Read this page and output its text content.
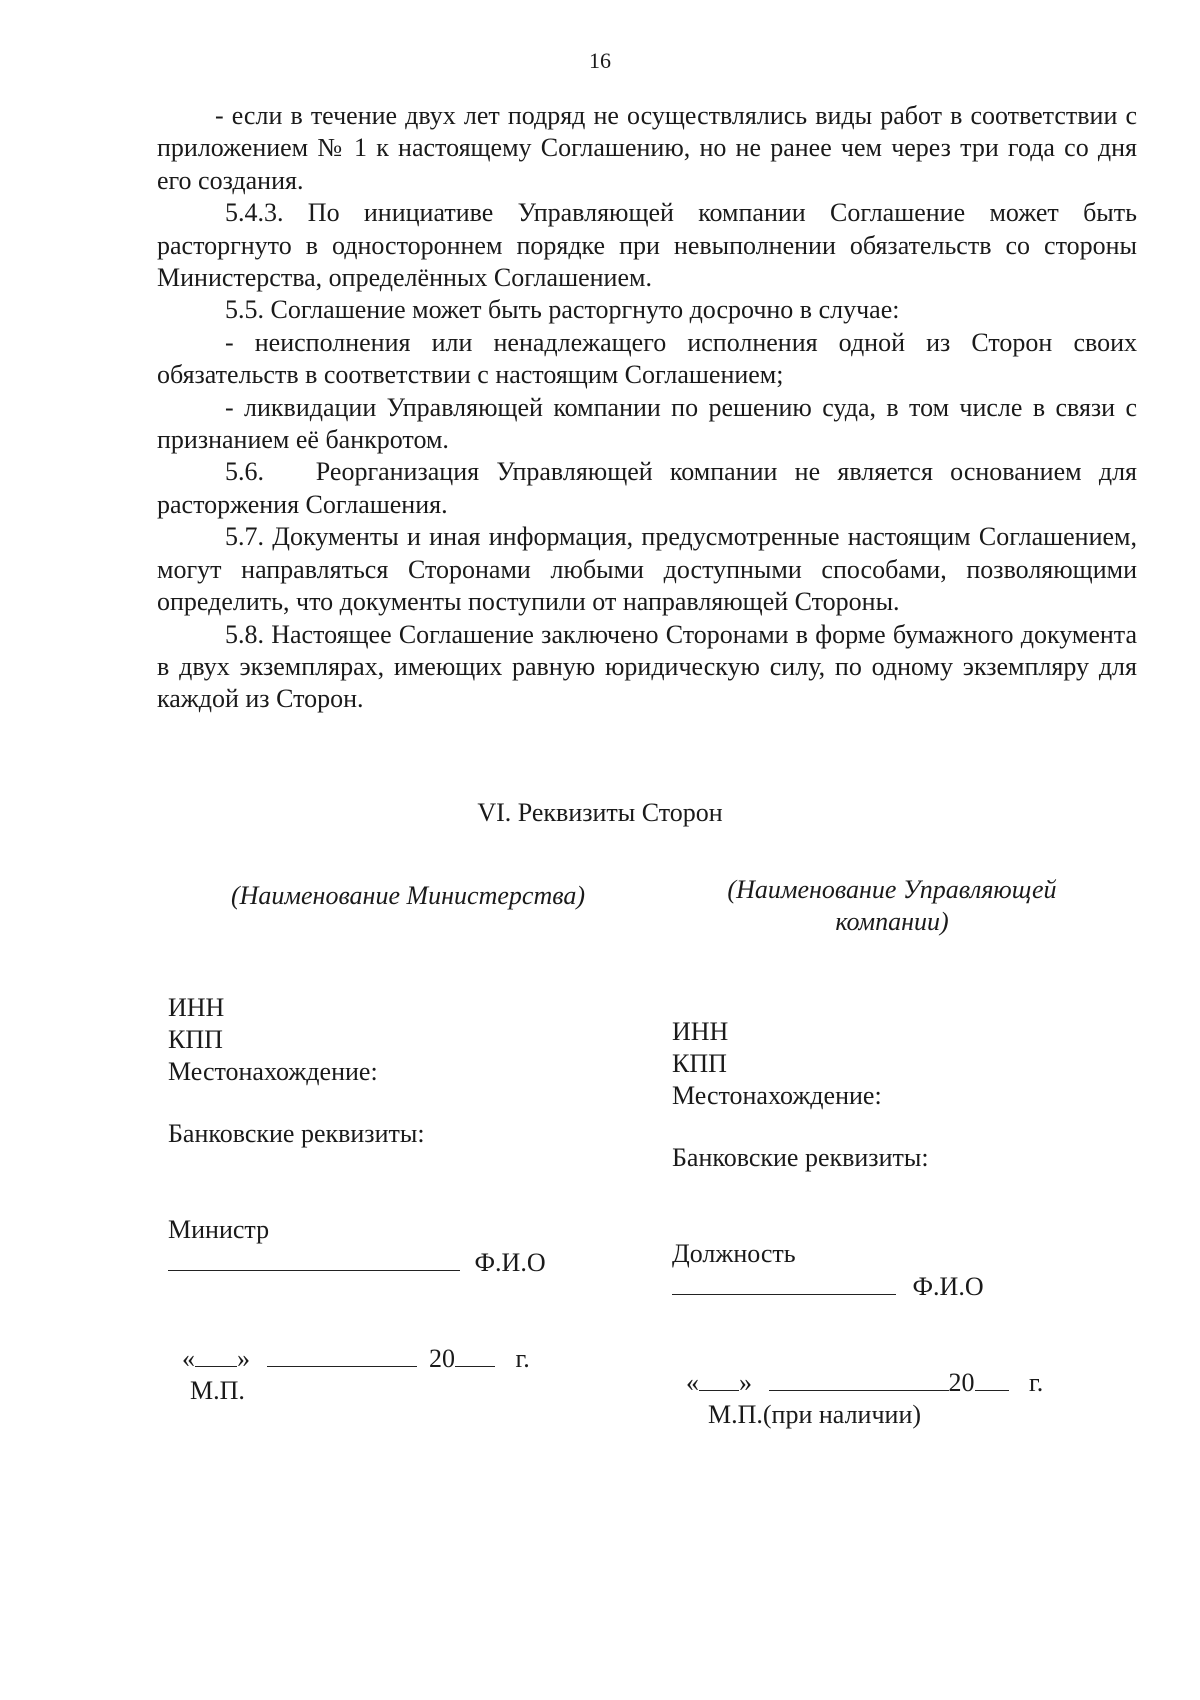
16

- если в течение двух лет подряд не осуществлялись виды работ в соответствии с приложением № 1 к настоящему Соглашению, но не ранее чем через три года со дня его создания.

5.4.3. По инициативе Управляющей компании Соглашение может быть расторгнуто в одностороннем порядке при невыполнении обязательств со стороны Министерства, определённых Соглашением.

5.5. Соглашение может быть расторгнуто досрочно в случае:

- неисполнения или ненадлежащего исполнения одной из Сторон своих обязательств в соответствии с настоящим Соглашением;

- ликвидации Управляющей компании по решению суда, в том числе в связи с признанием её банкротом.

5.6.   Реорганизация Управляющей компании не является основанием для расторжения Соглашения.

5.7. Документы и иная информация, предусмотренные настоящим Соглашением, могут направляться Сторонами любыми доступными способами, позволяющими определить, что документы поступили от направляющей Стороны.

5.8. Настоящее Соглашение заключено Сторонами в форме бумажного документа в двух экземплярах, имеющих равную юридическую силу, по одному экземпляру для каждой из Сторон.

VI. Реквизиты Сторон
(Наименование Министерства)
ИНН
КПП
Местонахождение:
Банковские реквизиты:
Министр
Ф.И.О
« »	20 г.
М.П.
(Наименование Управляющей компании)
ИНН
КПП
Местонахождение:
Банковские реквизиты:
Должность
Ф.И.О
« »	20 г.
М.П.(при наличии)
